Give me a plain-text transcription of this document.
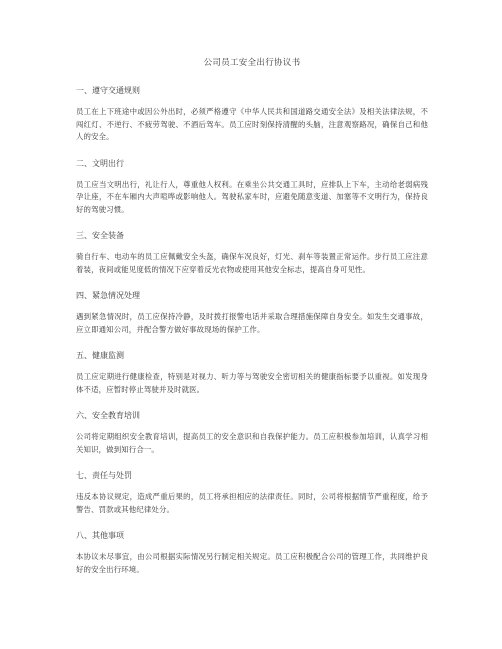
公司员工安全出行协议书
一、遵守交通规则
员工在上下班途中或因公外出时，必须严格遵守《中华人民共和国道路交通安全法》及相关法律法规，不闯红灯、不逆行、不疲劳驾驶、不酒后驾车。员工应时刻保持清醒的头脑，注意观察路况，确保自己和他人的安全。
二、文明出行
员工应当文明出行，礼让行人，尊重他人权利。在乘坐公共交通工具时，应排队上下车，主动给老弱病残孕让座，不在车厢内大声喧哗或影响他人。驾驶私家车时，应避免随意变道、加塞等不文明行为，保持良好的驾驶习惯。
三、安全装备
骑自行车、电动车的员工应佩戴安全头盔，确保车况良好，灯光、刹车等装置正常运作。步行员工应注意着装，夜间或能见度低的情况下应穿着反光衣物或使用其他安全标志，提高自身可见性。
四、紧急情况处理
遇到紧急情况时，员工应保持冷静，及时拨打报警电话并采取合理措施保障自身安全。如发生交通事故，应立即通知公司，并配合警方做好事故现场的保护工作。
五、健康监测
员工应定期进行健康检查，特别是对视力、听力等与驾驶安全密切相关的健康指标要予以重视。如发现身体不适，应暂时停止驾驶并及时就医。
六、安全教育培训
公司将定期组织安全教育培训，提高员工的安全意识和自我保护能力。员工应积极参加培训，认真学习相关知识，做到知行合一。
七、责任与处罚
违反本协议规定，造成严重后果的，员工将承担相应的法律责任。同时，公司将根据情节严重程度，给予警告、罚款或其他纪律处分。
八、其他事项
本协议未尽事宜，由公司根据实际情况另行制定相关规定。员工应积极配合公司的管理工作，共同维护良好的安全出行环境。
